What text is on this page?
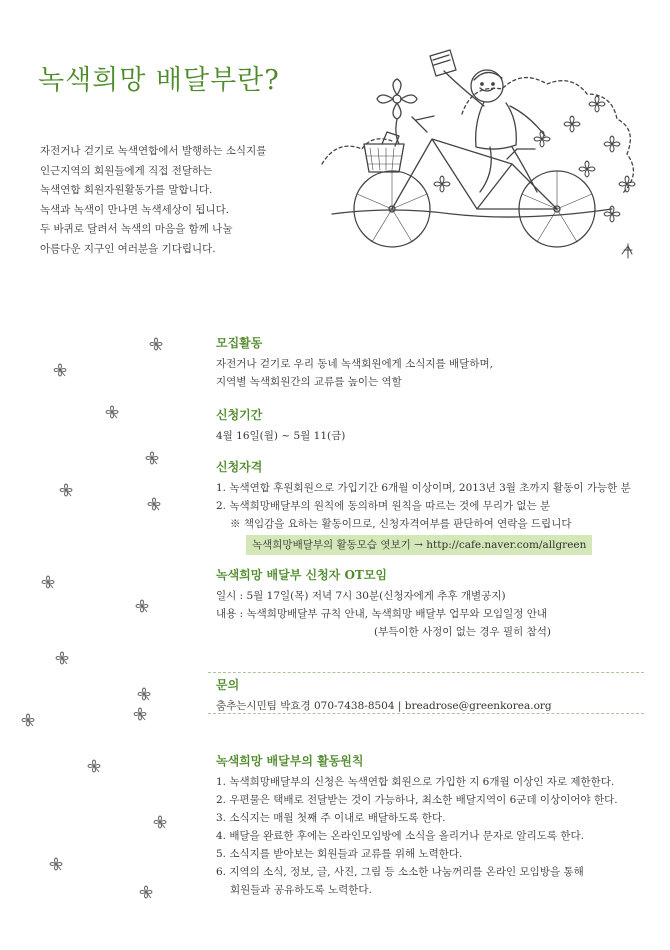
녹색희망 배달부란?
자전거나 걷기로 녹색연합에서 발행하는 소식지를
인근지역의 회원들에게 직접 전달하는
녹색연합 회원자원활동가를 말합니다.
녹색과 녹색이 만나면 녹색세상이 됩니다.
두 바퀴로 달려서 녹색의 마음을 함께 나눌
아름다운 지구인 여러분을 기다립니다.
모집활동
자전거나 걷기로 우리 동네 녹색회원에게 소식지를 배달하며,
지역별 녹색회원간의 교류를 높이는 역할
신청기간
4월 16일(월) ~ 5월 11(금)
신청자격
1. 녹색연합 후원회원으로 가입기간 6개월 이상이며, 2013년 3월 초까지 활동이 가능한 분
2. 녹색희망배달부의 원칙에 동의하며 원칙을 따르는 것에 무리가 없는 분
※ 책임감을 요하는 활동이므로, 신청자격여부를 판단하여 연락을 드립니다
녹색희망배달부의 활동모습 엿보기 → http://cafe.naver.com/allgreen
녹색희망 배달부 신청자 OT모임
일시 : 5월 17일(목) 저녁 7시 30분(신청자에게 추후 개별공지)
내용 : 녹색희망배달부 규칙 안내, 녹색희망 배달부 업무와 모임일정 안내
(부득이한 사정이 없는 경우 필히 참석)
문의
춤추는시민팀 박효경 070-7438-8504 | breadrose@greenkorea.org
녹색희망 배달부의 활동원칙
1. 녹색희망배달부의 신청은 녹색연합 회원으로 가입한 지 6개월 이상인 자로 제한한다.
2. 우편물은 택배로 전달받는 것이 가능하나, 최소한 배달지역이 6군데 이상이어야 한다.
3. 소식지는 매월 첫째 주 이내로 배달하도록 한다.
4. 배달을 완료한 후에는 온라인모임방에 소식을 올리거나 문자로 알리도록 한다.
5. 소식지를 받아보는 회원들과 교류를 위해 노력한다.
6. 지역의 소식, 정보, 글, 사진, 그림 등 소소한 나눔꺼리를 온라인 모임방을 통해
회원들과 공유하도록 노력한다.
